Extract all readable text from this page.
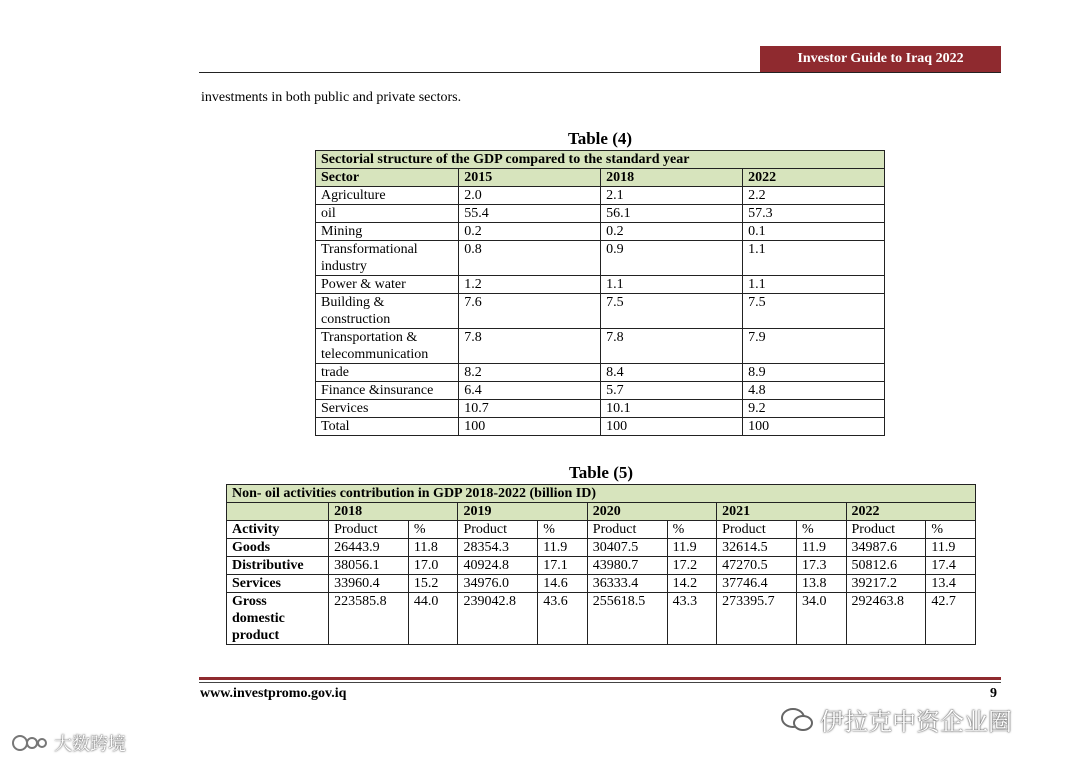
Investor Guide to Iraq 2022
investments in both public and private sectors.
Table (4)
Sectorial structure of the GDP compared to the standard year			
Sector	2015	2018	2022
Agriculture	2.0	2.1	2.2
oil	55.4	56.1	57.3
Mining	0.2	0.2	0.1
Transformational industry	0.8	0.9	1.1
Power & water	1.2	1.1	1.1
Building & construction	7.6	7.5	7.5
Transportation & telecommunication	7.8	7.8	7.9
trade	8.2	8.4	8.9
Finance &insurance	6.4	5.7	4.8
Services	10.7	10.1	9.2
Total	100	100	100
Table (5)
Non- oil activities contribution in GDP 2018-2022 (billion ID)										
	2018		2019		2020		2021		2022	
Activity	Product	%	Product	%	Product	%	Product	%	Product	%
Goods	26443.9	11.8	28354.3	11.9	30407.5	11.9	32614.5	11.9	34987.6	11.9
Distributive	38056.1	17.0	40924.8	17.1	43980.7	17.2	47270.5	17.3	50812.6	17.4
Services	33960.4	15.2	34976.0	14.6	36333.4	14.2	37746.4	13.8	39217.2	13.4
Gross domestic product	223585.8	44.0	239042.8	43.6	255618.5	43.3	273395.7	34.0	292463.8	42.7
www.investpromo.gov.iq	9
伊拉克中资企业圈
大数跨境
